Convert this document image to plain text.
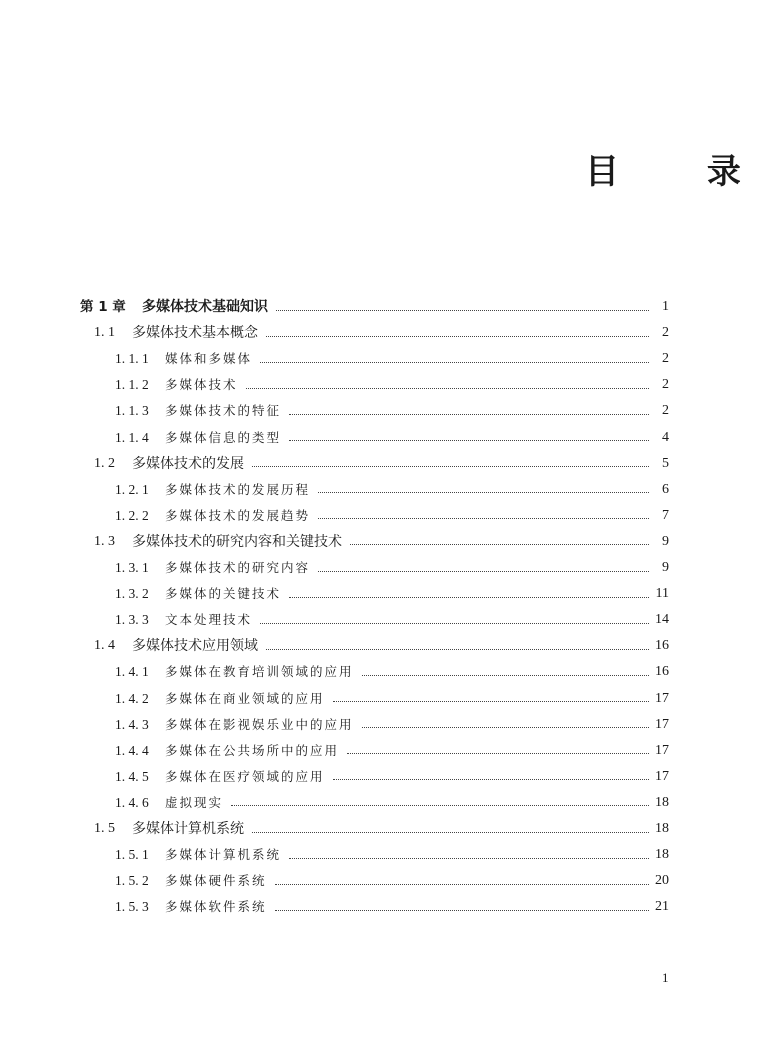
目 录
第 1 章	多媒体技术基础知识	1
1. 1	多媒体技术基本概念	2
1. 1. 1	媒体和多媒体	2
1. 1. 2	多媒体技术	2
1. 1. 3	多媒体技术的特征	2
1. 1. 4	多媒体信息的类型	4
1. 2	多媒体技术的发展	5
1. 2. 1	多媒体技术的发展历程	6
1. 2. 2	多媒体技术的发展趋势	7
1. 3	多媒体技术的研究内容和关键技术	9
1. 3. 1	多媒体技术的研究内容	9
1. 3. 2	多媒体的关键技术	11
1. 3. 3	文本处理技术	14
1. 4	多媒体技术应用领域	16
1. 4. 1	多媒体在教育培训领域的应用	16
1. 4. 2	多媒体在商业领域的应用	17
1. 4. 3	多媒体在影视娱乐业中的应用	17
1. 4. 4	多媒体在公共场所中的应用	17
1. 4. 5	多媒体在医疗领域的应用	17
1. 4. 6	虚拟现实	18
1. 5	多媒体计算机系统	18
1. 5. 1	多媒体计算机系统	18
1. 5. 2	多媒体硬件系统	20
1. 5. 3	多媒体软件系统	21
1
